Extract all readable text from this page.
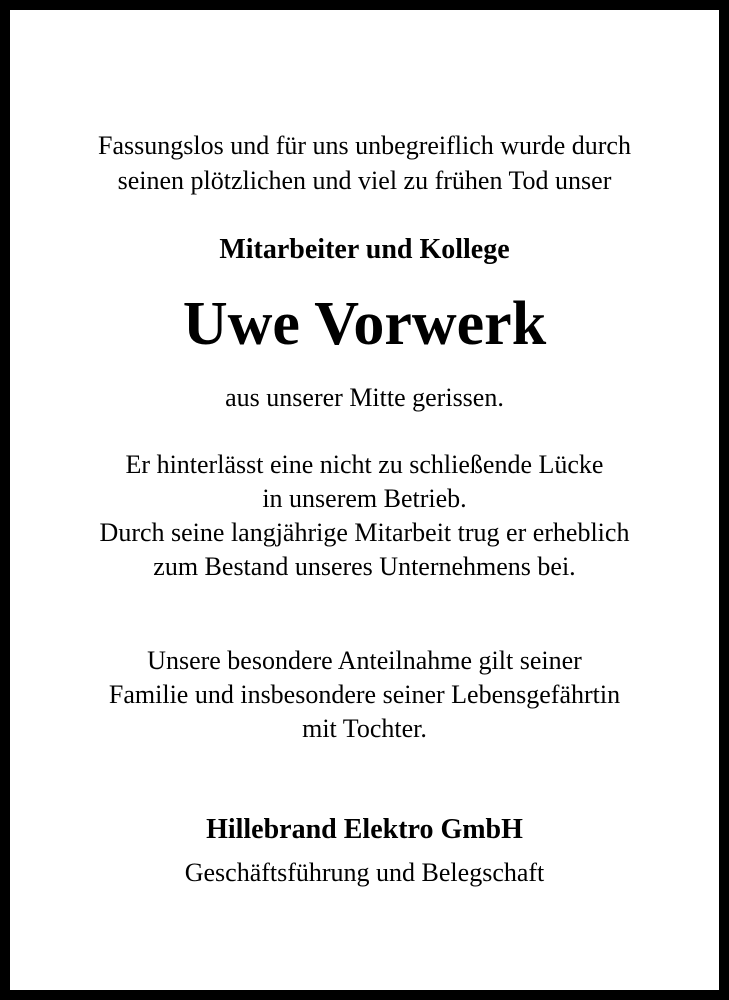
Fassungslos und für uns unbegreiflich wurde durch
seinen plötzlichen und viel zu frühen Tod unser
Mitarbeiter und Kollege
Uwe Vorwerk
aus unserer Mitte gerissen.
Er hinterlässt eine nicht zu schließende Lücke
in unserem Betrieb.
Durch seine langjährige Mitarbeit trug er erheblich
zum Bestand unseres Unternehmens bei.
Unsere besondere Anteilnahme gilt seiner
Familie und insbesondere seiner Lebensgefährtin
mit Tochter.
Hillebrand Elektro GmbH
Geschäftsführung und Belegschaft
